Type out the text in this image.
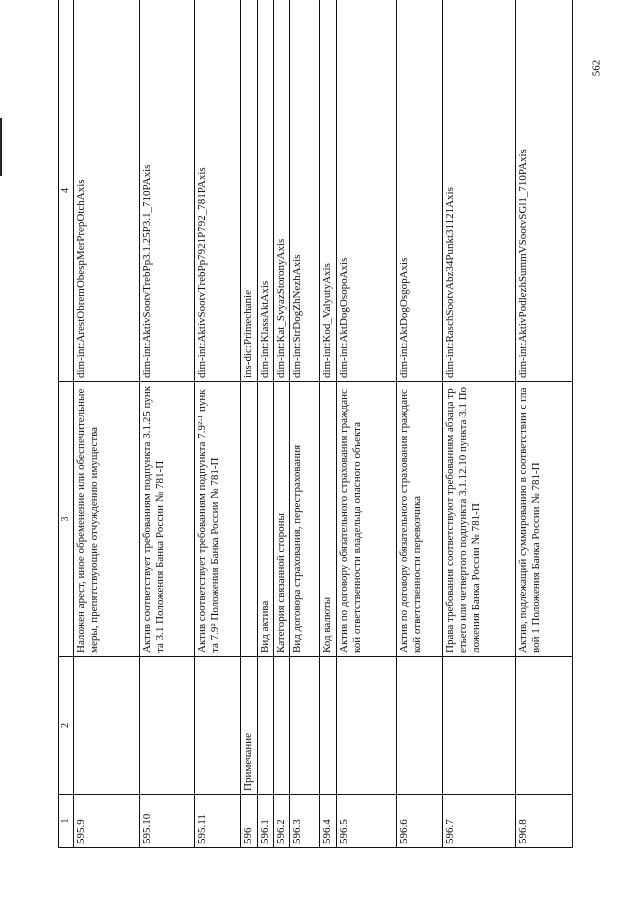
562
1	2	3	4
595.9		Наложен арест, иное обременение или обеспечительные меры, препятствующие отчуждению имущества	dim-int:ArestObremObespMerPrepOtchAxis
595.10		Актив соответствует требованиям подпункта 3.1.25 пункта 3.1 Положения Банка России № 781-П	dim-int:AktivSootvTrebPp3.1.25P3.1_710PAxis
595.11		Актив соответствует требованиям подпункта 7.9²·¹ пункта 7.9² Положения Банка России № 781-П	dim-int:AktivSootvTrebPp7921P792_781PAxis
596	Примечание		ins-dic:Primechanie
596.1		Вид актива	dim-int:KlassAktAxis
596.2		Категория связанной стороны	dim-int:Kat_SvyazStoronyAxis
596.3		Вид договора страхования, перестрахования	dim-int:StrDogZhNezhAxis
596.4		Код валюты	dim-int:Kod_ValyutyAxis
596.5		Актив по договору обязательного страхования гражданской ответственности владельца опасного объекта	dim-int:AktDogOsopoAxis
596.6		Актив по договору обязательного страхования гражданской ответственности перевозчика	dim-int:AktDogOsgopAxis
596.7		Права требования соответствуют требованиям абзаца третьего или четвертого подпункта 3.1.12.10 пункта 3.1 Положения Банка России № 781-П	dim-int:RaschSootvAbz34Punkt31121Axis
596.8		Актив, подлежащий суммированию в соответствии с главой 1 Положения Банка России № 781-П	dim-int:AktivPodlezhSummVSootvSGl1_710PAxis
